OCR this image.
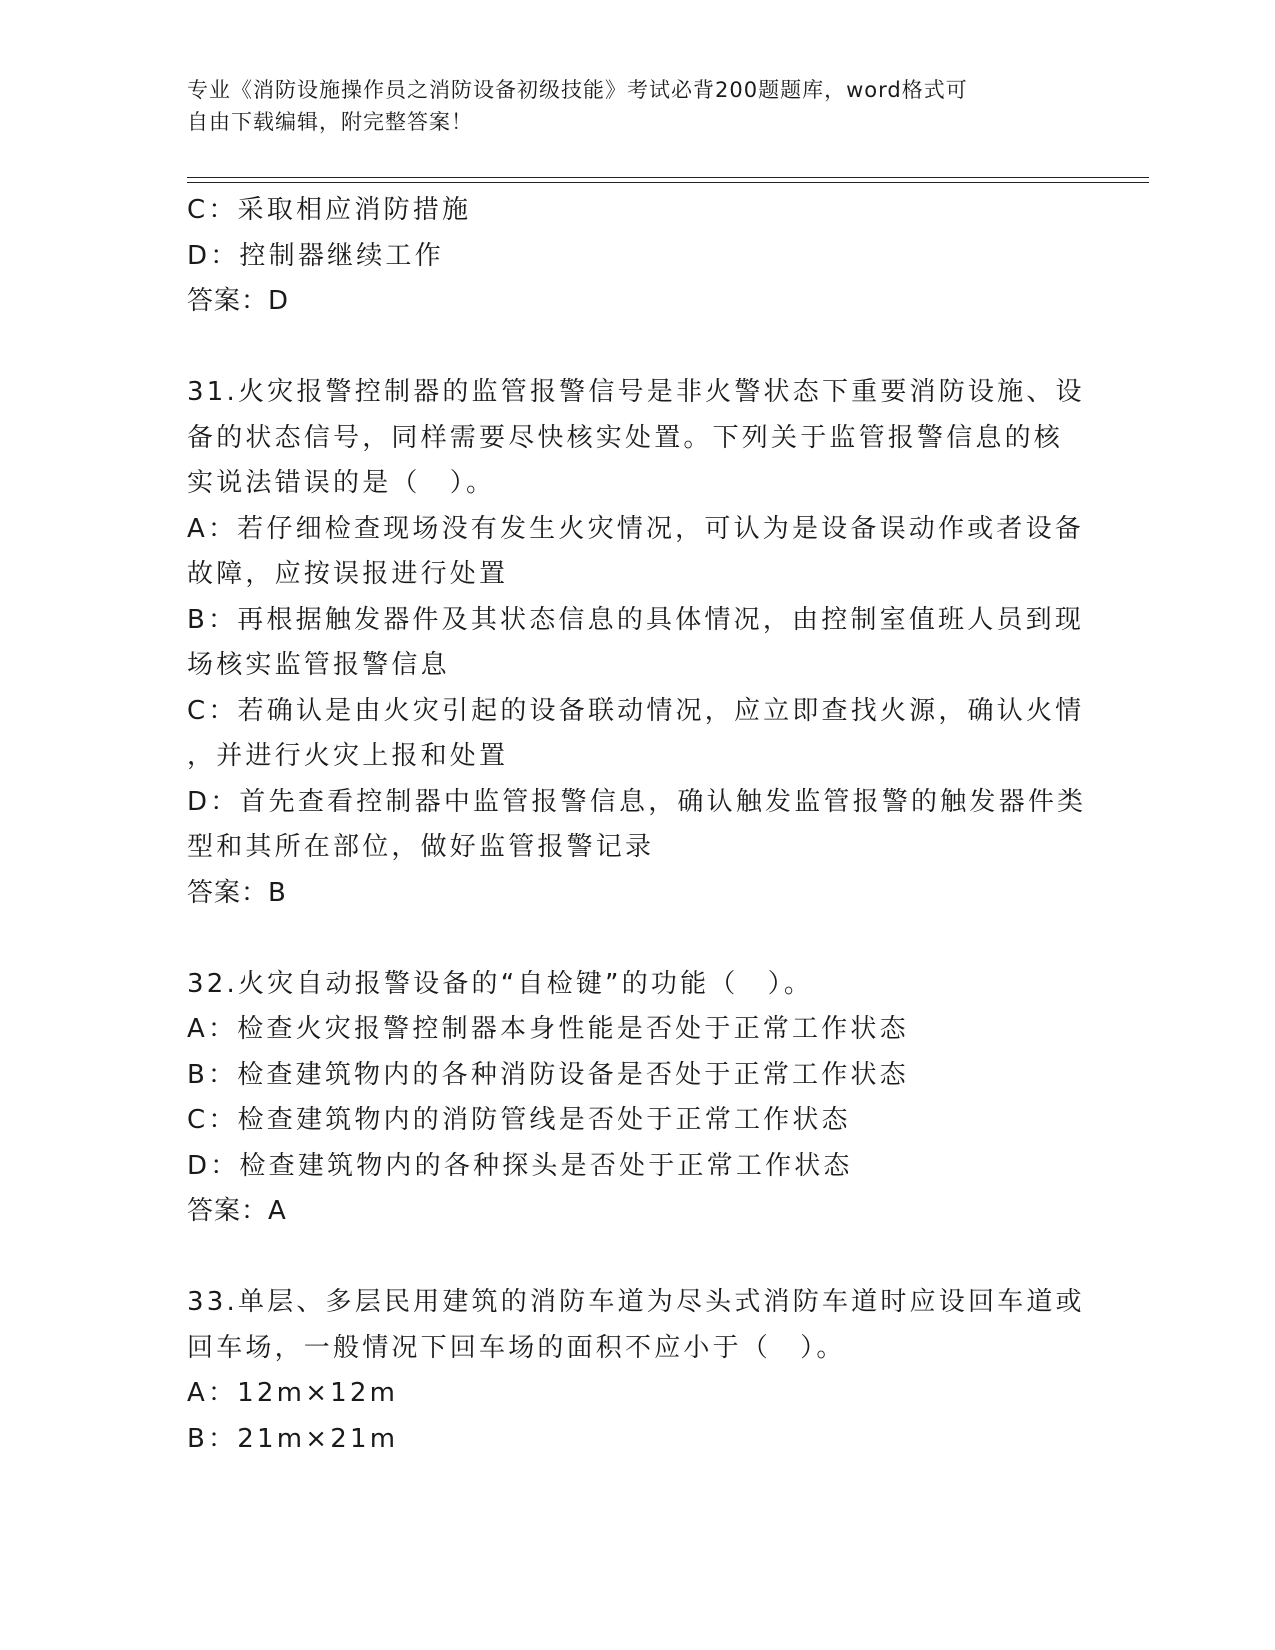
专业《消防设施操作员之消防设备初级技能》考试必背200题题库，word格式可
自由下载编辑，附完整答案！
C：采取相应消防措施
D：控制器继续工作
答案：D
31.火灾报警控制器的监管报警信号是非火警状态下重要消防设施、设
备的状态信号，同样需要尽快核实处置。下列关于监管报警信息的核
实说法错误的是（　）。
A：若仔细检查现场没有发生火灾情况，可认为是设备误动作或者设备
故障，应按误报进行处置
B：再根据触发器件及其状态信息的具体情况，由控制室值班人员到现
场核实监管报警信息
C：若确认是由火灾引起的设备联动情况，应立即查找火源，确认火情
，并进行火灾上报和处置
D：首先查看控制器中监管报警信息，确认触发监管报警的触发器件类
型和其所在部位，做好监管报警记录
答案：B
32.火灾自动报警设备的“自检键”的功能（　）。
A：检查火灾报警控制器本身性能是否处于正常工作状态
B：检查建筑物内的各种消防设备是否处于正常工作状态
C：检查建筑物内的消防管线是否处于正常工作状态
D：检查建筑物内的各种探头是否处于正常工作状态
答案：A
33.单层、多层民用建筑的消防车道为尽头式消防车道时应设回车道或
回车场，一般情况下回车场的面积不应小于（　）。
A：12m×12m
B：21m×21m
